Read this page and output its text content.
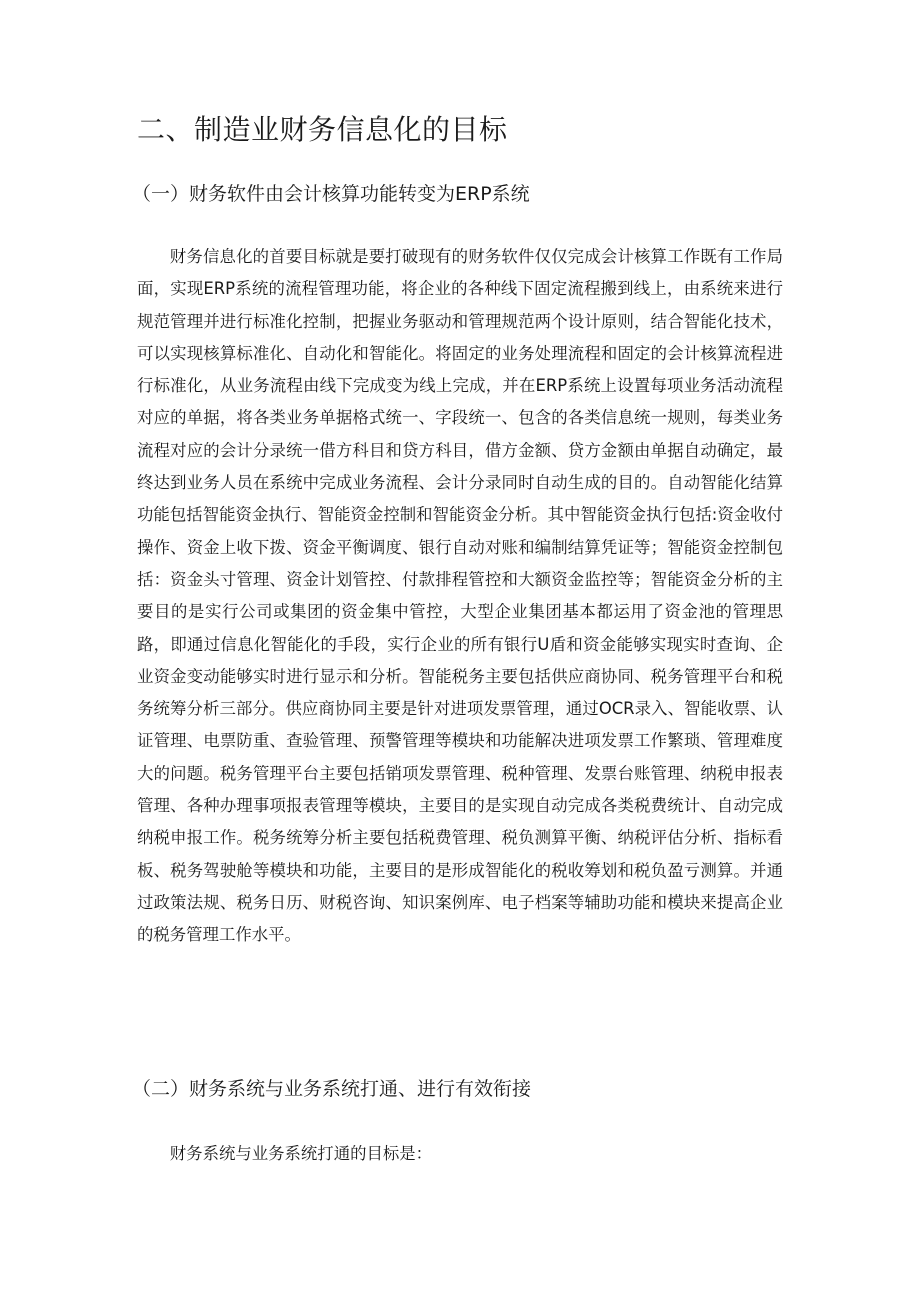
二、制造业财务信息化的目标
（一）财务软件由会计核算功能转变为ERP系统

财务信息化的首要目标就是要打破现有的财务软件仅仅完成会计核算工作既有工作局面，实现ERP系统的流程管理功能，将企业的各种线下固定流程搬到线上，由系统来进行规范管理并进行标准化控制，把握业务驱动和管理规范两个设计原则，结合智能化技术，可以实现核算标准化、自动化和智能化。将固定的业务处理流程和固定的会计核算流程进行标准化，从业务流程由线下完成变为线上完成，并在ERP系统上设置每项业务活动流程对应的单据，将各类业务单据格式统一、字段统一、包含的各类信息统一规则，每类业务流程对应的会计分录统一借方科目和贷方科目，借方金额、贷方金额由单据自动确定，最终达到业务人员在系统中完成业务流程、会计分录同时自动生成的目的。自动智能化结算功能包括智能资金执行、智能资金控制和智能资金分析。其中智能资金执行包括:资金收付操作、资金上收下拨、资金平衡调度、银行自动对账和编制结算凭证等；智能资金控制包括：资金头寸管理、资金计划管控、付款排程管控和大额资金监控等；智能资金分析的主要目的是实行公司或集团的资金集中管控，大型企业集团基本都运用了资金池的管理思路，即通过信息化智能化的手段，实行企业的所有银行U盾和资金能够实现实时查询、企业资金变动能够实时进行显示和分析。智能税务主要包括供应商协同、税务管理平台和税务统筹分析三部分。供应商协同主要是针对进项发票管理，通过OCR录入、智能收票、认证管理、电票防重、查验管理、预警管理等模块和功能解决进项发票工作繁琐、管理难度大的问题。税务管理平台主要包括销项发票管理、税种管理、发票台账管理、纳税申报表管理、各种办理事项报表管理等模块，主要目的是实现自动完成各类税费统计、自动完成纳税申报工作。税务统筹分析主要包括税费管理、税负测算平衡、纳税评估分析、指标看板、税务驾驶舱等模块和功能，主要目的是形成智能化的税收筹划和税负盈亏测算。并通过政策法规、税务日历、财税咨询、知识案例库、电子档案等辅助功能和模块来提高企业的税务管理工作水平。

（二）财务系统与业务系统打通、进行有效衔接

财务系统与业务系统打通的目标是：
